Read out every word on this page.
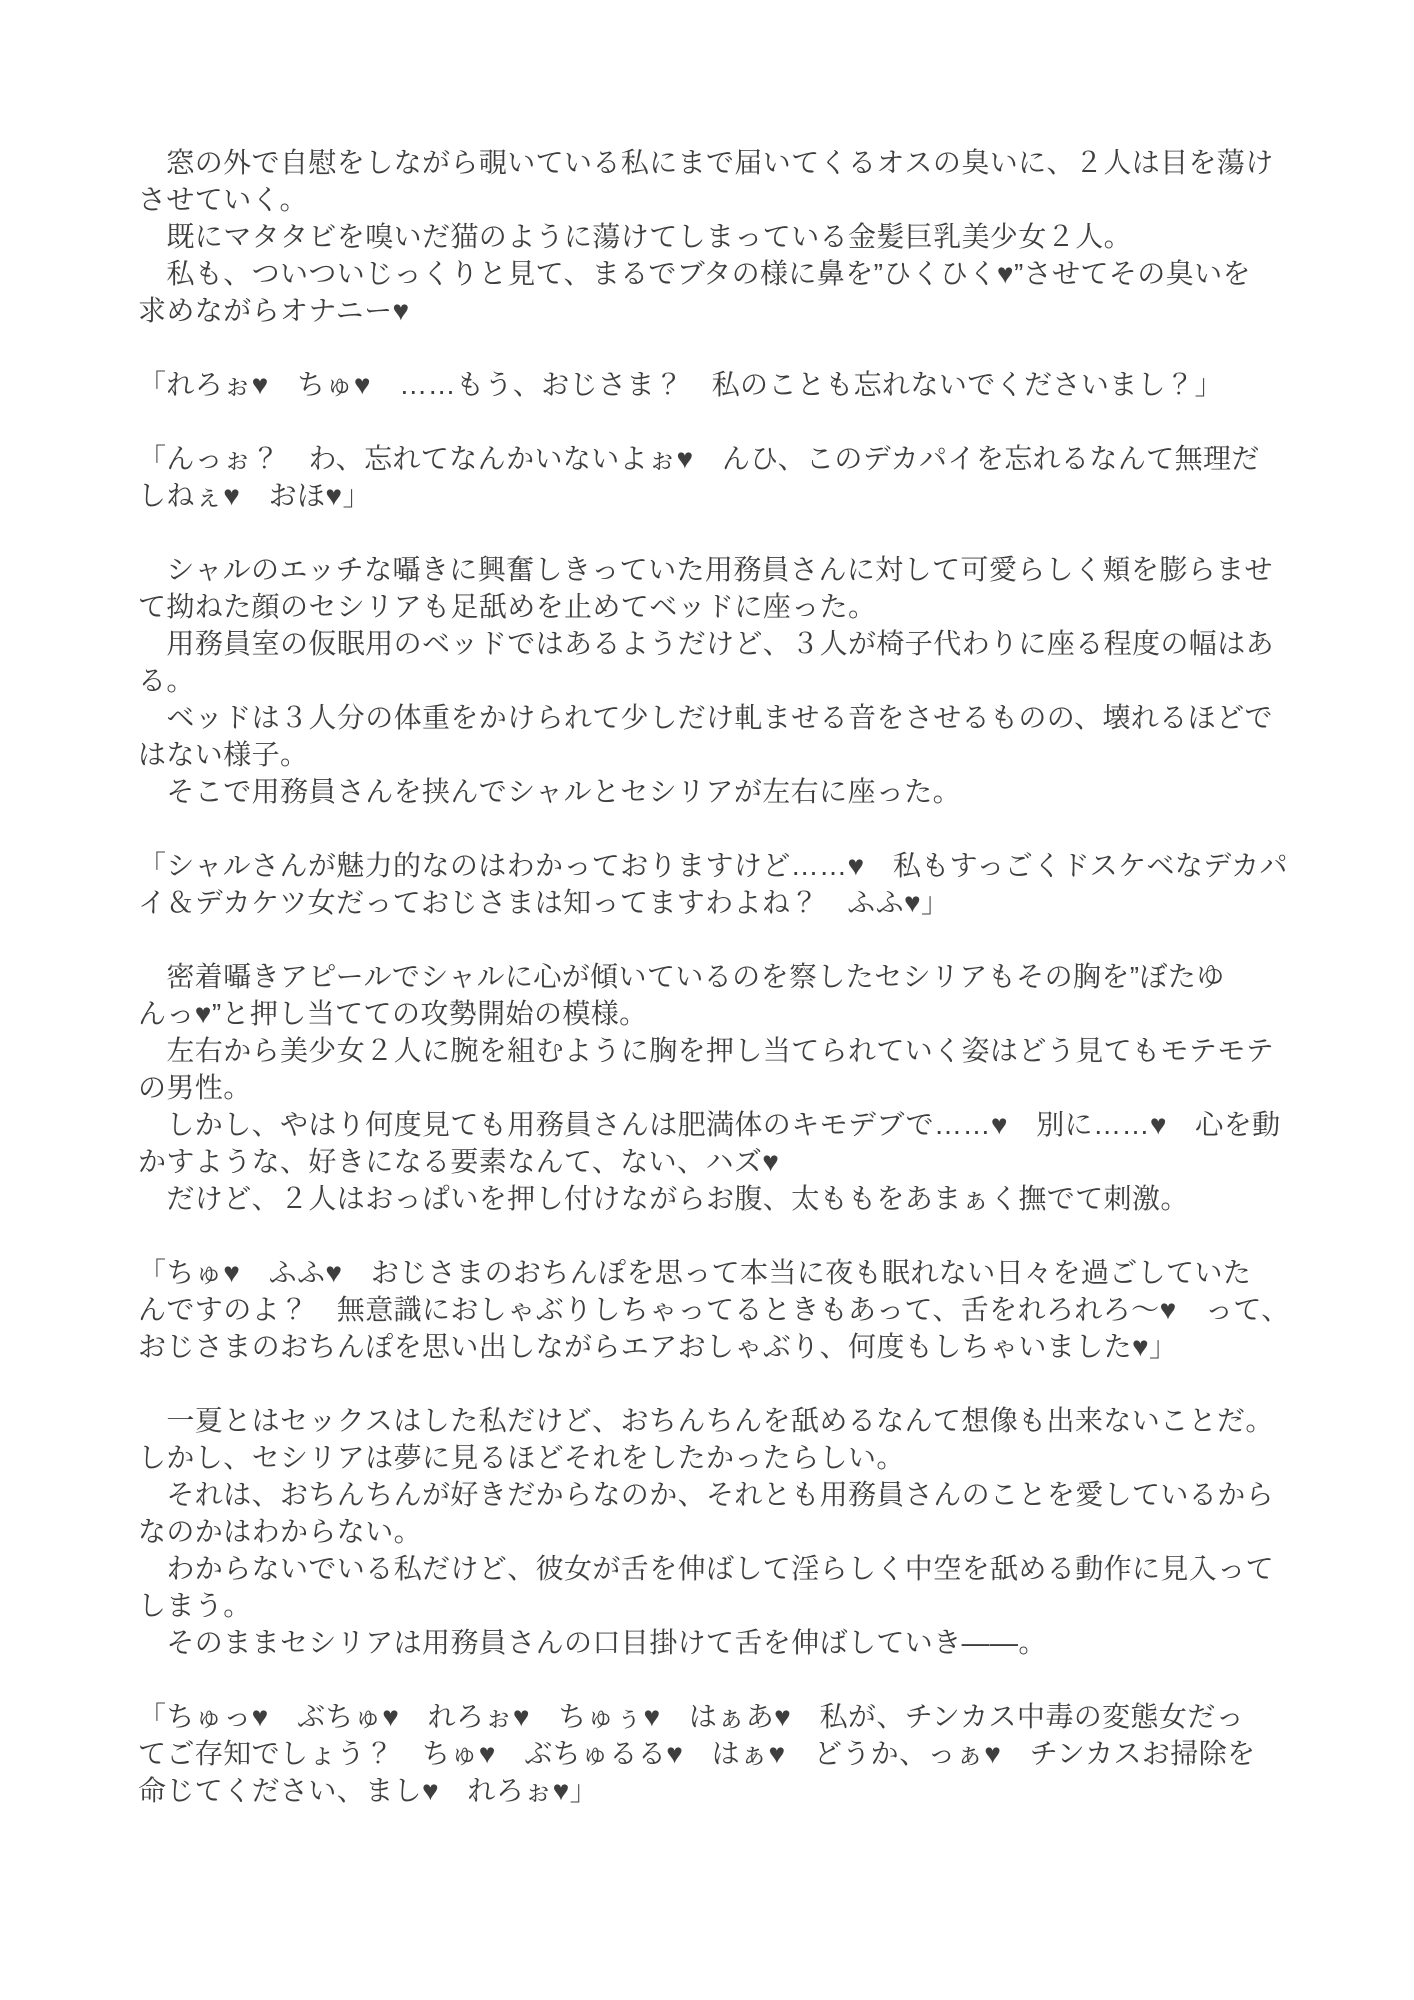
　窓の外で自慰をしながら覗いている私にまで届いてくるオスの臭いに、２人は目を蕩け
させていく。
　既にマタタビを嗅いだ猫のように蕩けてしまっている金髪巨乳美少女２人。
　私も、ついついじっくりと見て、まるでブタの様に鼻を”ひくひく♥”させてその臭いを
求めながらオナニー♥
「れろぉ♥　ちゅ♥　……もう、おじさま？　私のことも忘れないでくださいまし？」
「んっぉ？　わ、忘れてなんかいないよぉ♥　んひ、このデカパイを忘れるなんて無理だ
しねぇ♥　おほ♥」
　シャルのエッチな囁きに興奮しきっていた用務員さんに対して可愛らしく頬を膨らませ
て拗ねた顔のセシリアも足舐めを止めてベッドに座った。
　用務員室の仮眠用のベッドではあるようだけど、３人が椅子代わりに座る程度の幅はあ
る。
　ベッドは３人分の体重をかけられて少しだけ軋ませる音をさせるものの、壊れるほどで
はない様子。
　そこで用務員さんを挟んでシャルとセシリアが左右に座った。
「シャルさんが魅力的なのはわかっておりますけど……♥　私もすっごくドスケベなデカパ
イ＆デカケツ女だっておじさまは知ってますわよね？　ふふ♥」
　密着囁きアピールでシャルに心が傾いているのを察したセシリアもその胸を”ぼたゆ
んっ♥”と押し当てての攻勢開始の模様。
　左右から美少女２人に腕を組むように胸を押し当てられていく姿はどう見てもモテモテ
の男性。
　しかし、やはり何度見ても用務員さんは肥満体のキモデブで……♥　別に……♥　心を動
かすような、好きになる要素なんて、ない、ハズ♥
　だけど、２人はおっぱいを押し付けながらお腹、太ももをあまぁく撫でて刺激。
「ちゅ♥　ふふ♥　おじさまのおちんぽを思って本当に夜も眠れない日々を過ごしていた
んですのよ？　無意識におしゃぶりしちゃってるときもあって、舌をれろれろ～♥　って、
おじさまのおちんぽを思い出しながらエアおしゃぶり、何度もしちゃいました♥」
　一夏とはセックスはした私だけど、おちんちんを舐めるなんて想像も出来ないことだ。
しかし、セシリアは夢に見るほどそれをしたかったらしい。
　それは、おちんちんが好きだからなのか、それとも用務員さんのことを愛しているから
なのかはわからない。
　わからないでいる私だけど、彼女が舌を伸ばして淫らしく中空を舐める動作に見入って
しまう。
　そのままセシリアは用務員さんの口目掛けて舌を伸ばしていき――。
「ちゅっ♥　ぶちゅ♥　れろぉ♥　ちゅぅ♥　はぁあ♥　私が、チンカス中毒の変態女だっ
てご存知でしょう？　ちゅ♥　ぶちゅるる♥　はぁ♥　どうか、っぁ♥　チンカスお掃除を
命じてください、まし♥　れろぉ♥」
